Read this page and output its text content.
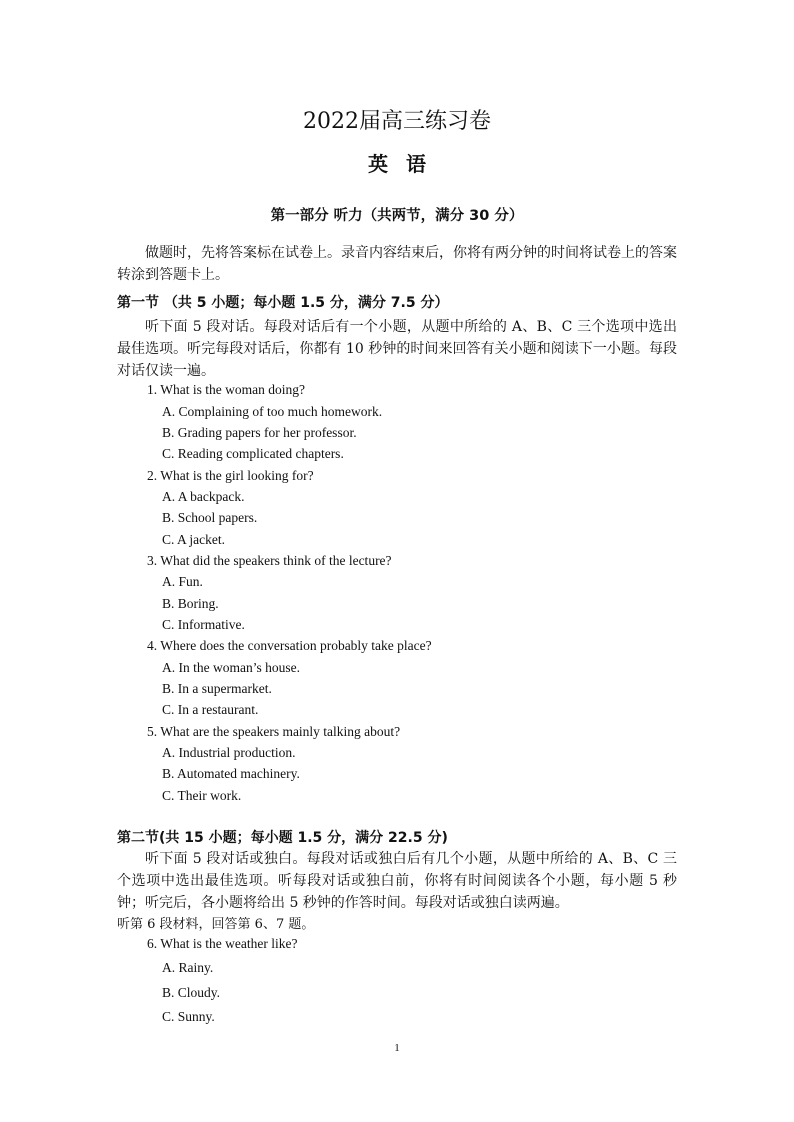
2022届高三练习卷
英语
第一部分 听力（共两节，满分 30 分）
做题时，先将答案标在试卷上。录音内容结束后，你将有两分钟的时间将试卷上的答案转涂到答题卡上。
第一节 （共 5 小题；每小题 1.5 分，满分 7.5 分）
听下面 5 段对话。每段对话后有一个小题，从题中所给的 A、B、C 三个选项中选出最佳选项。听完每段对话后，你都有 10 秒钟的时间来回答有关小题和阅读下一小题。每段对话仅读一遍。
1. What is the woman doing?
A. Complaining of too much homework.
B. Grading papers for her professor.
C. Reading complicated chapters.
2. What is the girl looking for?
A. A backpack.
B. School papers.
C. A jacket.
3. What did the speakers think of the lecture?
A. Fun.
B. Boring.
C. Informative.
4. Where does the conversation probably take place?
A. In the woman’s house.
B. In a supermarket.
C. In a restaurant.
5. What are the speakers mainly talking about?
A. Industrial production.
B. Automated machinery.
C. Their work.
第二节(共 15 小题；每小题 1.5 分，满分 22.5 分)
听下面 5 段对话或独白。每段对话或独白后有几个小题，从题中所给的 A、B、C 三个选项中选出最佳选项。听每段对话或独白前，你将有时间阅读各个小题，每小题 5 秒钟；听完后，各小题将给出 5 秒钟的作答时间。每段对话或独白读两遍。
听第 6 段材料，回答第 6、7 题。
6. What is the weather like?
A. Rainy.
B. Cloudy.
C. Sunny.
1
